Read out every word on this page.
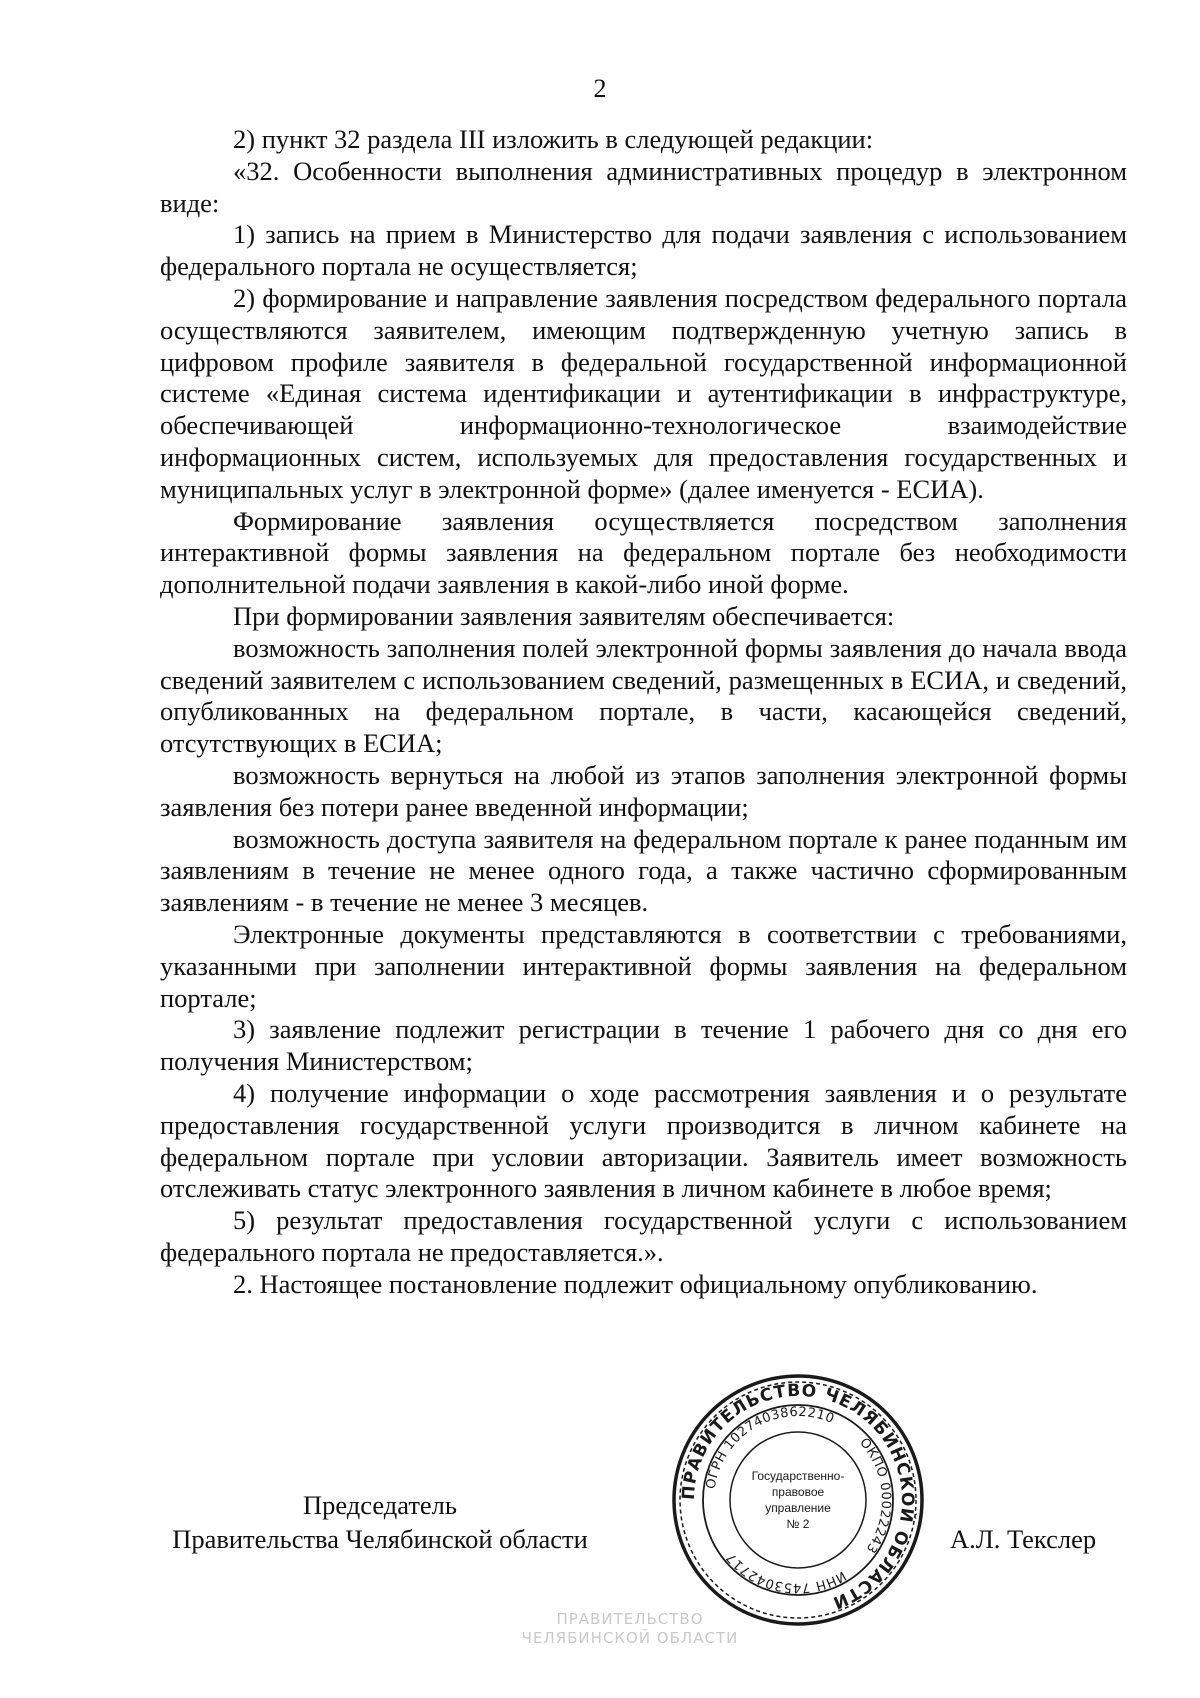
2

2) пункт 32 раздела III изложить в следующей редакции:

«32. Особенности выполнения административных процедур в электронном виде:

1) запись на прием в Министерство для подачи заявления с использованием федерального портала не осуществляется;

2) формирование и направление заявления посредством федерального портала осуществляются заявителем, имеющим подтвержденную учетную запись в цифровом профиле заявителя в федеральной государственной информационной системе «Единая система идентификации и аутентификации в инфраструктуре, обеспечивающей информационно-технологическое взаимодействие информационных систем, используемых для предоставления государственных и муниципальных услуг в электронной форме» (далее именуется - ЕСИА).

Формирование заявления осуществляется посредством заполнения интерактивной формы заявления на федеральном портале без необходимости дополнительной подачи заявления в какой-либо иной форме.

При формировании заявления заявителям обеспечивается:

возможность заполнения полей электронной формы заявления до начала ввода сведений заявителем с использованием сведений, размещенных в ЕСИА, и сведений, опубликованных на федеральном портале, в части, касающейся сведений, отсутствующих в ЕСИА;

возможность вернуться на любой из этапов заполнения электронной формы заявления без потери ранее введенной информации;

возможность доступа заявителя на федеральном портале к ранее поданным им заявлениям в течение не менее одного года, а также частично сформированным заявлениям - в течение не менее 3 месяцев.

Электронные документы представляются в соответствии с требованиями, указанными при заполнении интерактивной формы заявления на федеральном портале;

3) заявление подлежит регистрации в течение 1 рабочего дня со дня его получения Министерством;

4) получение информации о ходе рассмотрения заявления и о результате предоставления государственной услуги производится в личном кабинете на федеральном портале при условии авторизации. Заявитель имеет возможность отслеживать статус электронного заявления в личном кабинете в любое время;

5) результат предоставления государственной услуги с использованием федерального портала не предоставляется.».

2. Настоящее постановление подлежит официальному опубликованию.

Председатель
Правительства Челябинской области	А.Л. Текслер
ПРАВИТЕЛЬСТВО ЧЕЛЯБИНСКОЙ ОБЛАСТИ
ОГРН 1027403862210
ОКПО 00022243
ИНН 7453042717
Государственно-
правовое
управление
№ 2
ПРАВИТЕЛЬСТВО
ЧЕЛЯБИНСКОЙ ОБЛАСТИ
